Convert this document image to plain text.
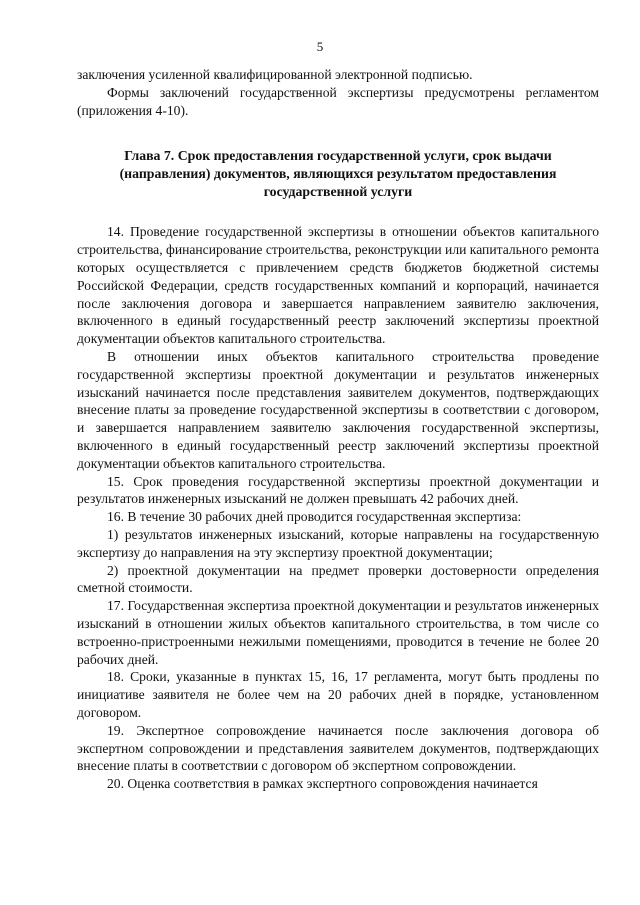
5

заключения усиленной квалифицированной электронной подписью.

Формы заключений государственной экспертизы предусмотрены регламентом (приложения 4-10).

Глава 7. Срок предоставления государственной услуги, срок выдачи (направления) документов, являющихся результатом предоставления государственной услуги

14. Проведение государственной экспертизы в отношении объектов капитального строительства, финансирование строительства, реконструкции или капитального ремонта которых осуществляется с привлечением средств бюджетов бюджетной системы Российской Федерации, средств государственных компаний и корпораций, начинается после заключения договора и завершается направлением заявителю заключения, включенного в единый государственный реестр заключений экспертизы проектной документации объектов капитального строительства.

В отношении иных объектов капитального строительства проведение государственной экспертизы проектной документации и результатов инженерных изысканий начинается после представления заявителем документов, подтверждающих внесение платы за проведение государственной экспертизы в соответствии с договором, и завершается направлением заявителю заключения государственной экспертизы, включенного в единый государственный реестр заключений экспертизы проектной документации объектов капитального строительства.

15. Срок проведения государственной экспертизы проектной документации и результатов инженерных изысканий не должен превышать 42 рабочих дней.

16. В течение 30 рабочих дней проводится государственная экспертиза:

1) результатов инженерных изысканий, которые направлены на государственную экспертизу до направления на эту экспертизу проектной документации;

2) проектной документации на предмет проверки достоверности определения сметной стоимости.

17. Государственная экспертиза проектной документации и результатов инженерных изысканий в отношении жилых объектов капитального строительства, в том числе со встроенно-пристроенными нежилыми помещениями, проводится в течение не более 20 рабочих дней.

18. Сроки, указанные в пунктах 15, 16, 17 регламента, могут быть продлены по инициативе заявителя не более чем на 20 рабочих дней в порядке, установленном договором.

19. Экспертное сопровождение начинается после заключения договора об экспертном сопровождении и представления заявителем документов, подтверждающих внесение платы в соответствии с договором об экспертном сопровождении.

20. Оценка соответствия в рамках экспертного сопровождения начинается
